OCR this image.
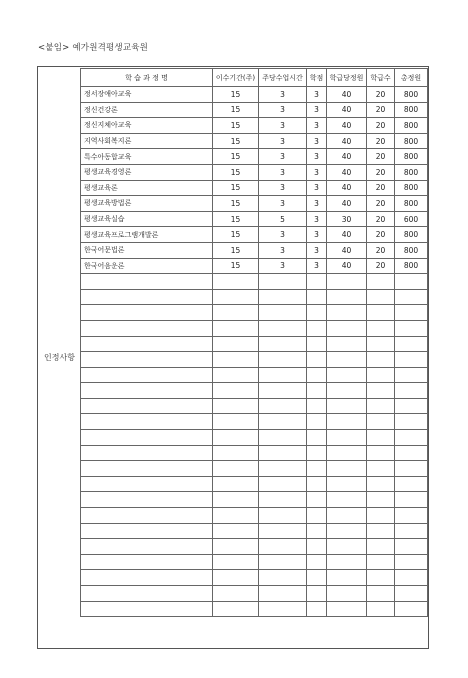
<붙임> 예가원격평생교육원
인정사항
학 습 과 정 명	이수기간(주)	주당수업시간	학점	학급당정원	학급수	총정원
정서장애아교육	15	3	3	40	20	800
정신건강론	15	3	3	40	20	800
정신지체아교육	15	3	3	40	20	800
지역사회복지론	15	3	3	40	20	800
특수아동합교육	15	3	3	40	20	800
평생교육경영론	15	3	3	40	20	800
평생교육론	15	3	3	40	20	800
평생교육방법론	15	3	3	40	20	800
평생교육실습	15	5	3	30	20	600
평생교육프로그램개발론	15	3	3	40	20	800
한국어문법론	15	3	3	40	20	800
한국어음운론	15	3	3	40	20	800
